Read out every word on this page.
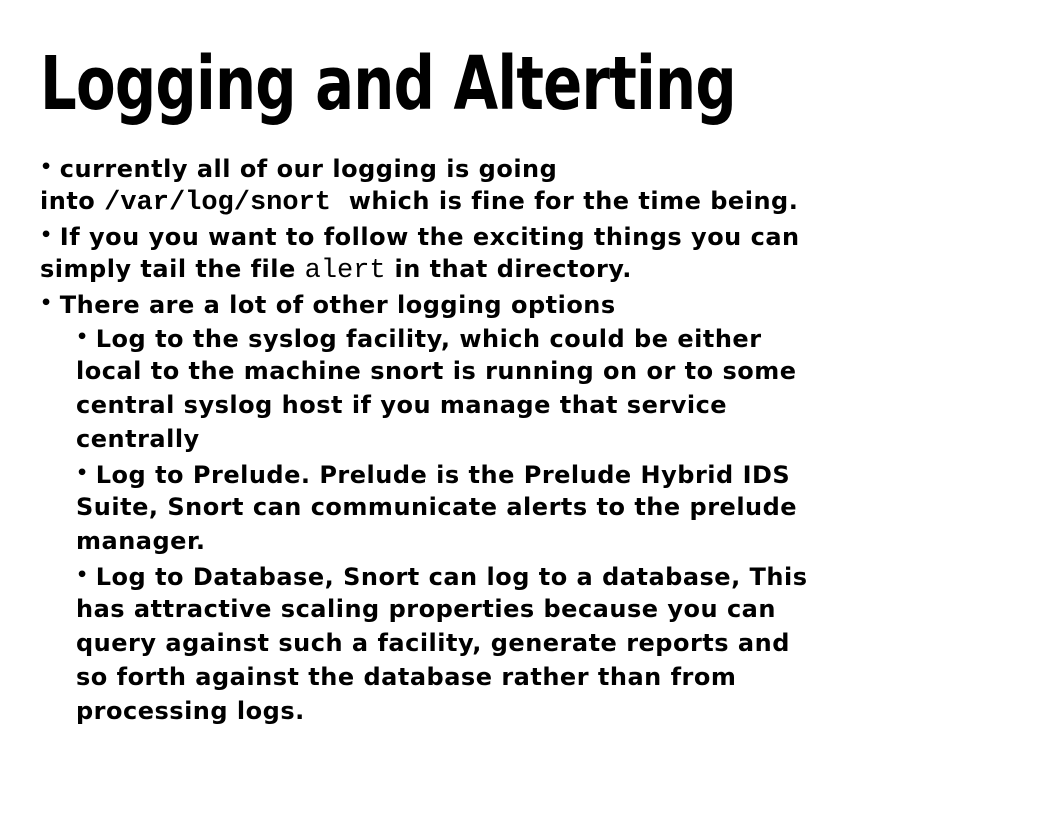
Logging and Alterting
• currently all of our logging is going
into /var/log/snort  which is fine for the time being.
• If you you want to follow the exciting things you can
simply tail the file alert in that directory.
• There are a lot of other logging options
• Log to the syslog facility, which could be either
local to the machine snort is running on or to some
central syslog host if you manage that service
centrally
• Log to Prelude. Prelude is the Prelude Hybrid IDS
Suite, Snort can communicate alerts to the prelude
manager.
• Log to Database, Snort can log to a database, This
has attractive scaling properties because you can
query against such a facility, generate reports and
so forth against the database rather than from
processing logs.
